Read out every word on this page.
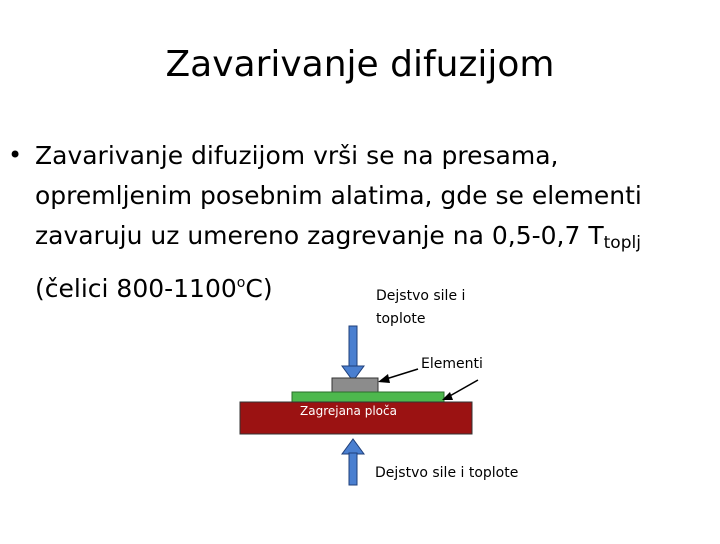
Zavarivanje difuzijom
• Zavarivanje difuzijom vrši se na presama, opremljenim posebnim alatima, gde se elementi zavaruju uz umereno zagrevanje na 0,5-0,7 $T_{toplj}$
(čelici 800-1100$^o$C)	Dejstvo sile i toplote
Elementi
Zagrejana ploča
Dejstvo sile i toplote
